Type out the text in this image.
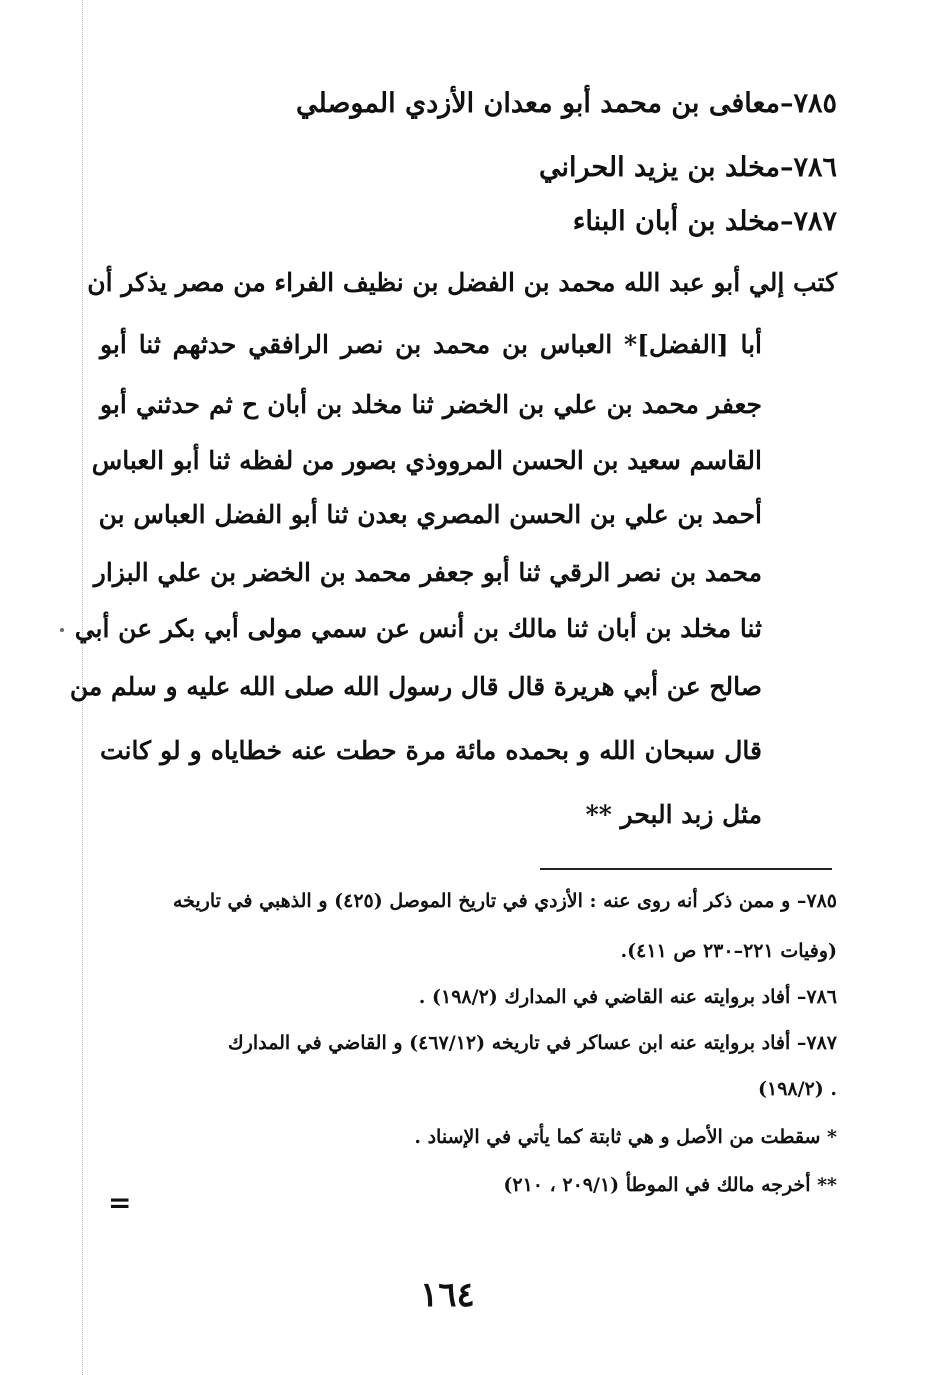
٧٨٥–معافى بن محمد أبو معدان الأزدي الموصلي
٧٨٦–مخلد بن يزيد الحراني
٧٨٧–مخلد بن أبان البناء
كتب إلي أبو عبد الله محمد بن الفضل بن نظيف الفراء من مصر يذكر أن
أبا [الفضل]* العباس بن محمد بن نصر الرافقي حدثهم ثنا أبو
جعفر محمد بن علي بن الخضر ثنا مخلد بن أبان ح ثم حدثني أبو
القاسم سعيد بن الحسن المرووذي بصور من لفظه ثنا أبو العباس
أحمد بن علي بن الحسن المصري بعدن ثنا أبو الفضل العباس بن
محمد بن نصر الرقي ثنا أبو جعفر محمد بن الخضر بن علي البزار
ثنا مخلد بن أبان ثنا مالك بن أنس عن سمي مولى أبي بكر عن أبي
صالح عن أبي هريرة قال قال رسول الله صلى الله عليه و سلم من
قال سبحان الله و بحمده مائة مرة حطت عنه خطاياه و لو كانت
مثل زبد البحر **
٧٨٥– و ممن ذكر أنه روى عنه : الأزدي في تاريخ الموصل (٤٢٥) و الذهبي في تاريخه
(وفيات ٢٢١–٢٣٠ ص ٤١١).
٧٨٦– أفاد بروايته عنه القاضي في المدارك (١٩٨/٢) .
٧٨٧– أفاد بروايته عنه ابن عساكر في تاريخه (٤٦٧/١٢) و القاضي في المدارك
. (١٩٨/٢)
* سقطت من الأصل و هي ثابتة كما يأتي في الإسناد .
** أخرجه مالك في الموطأ (٢٠٩/١ ، ٢١٠)
=
١٦٤
